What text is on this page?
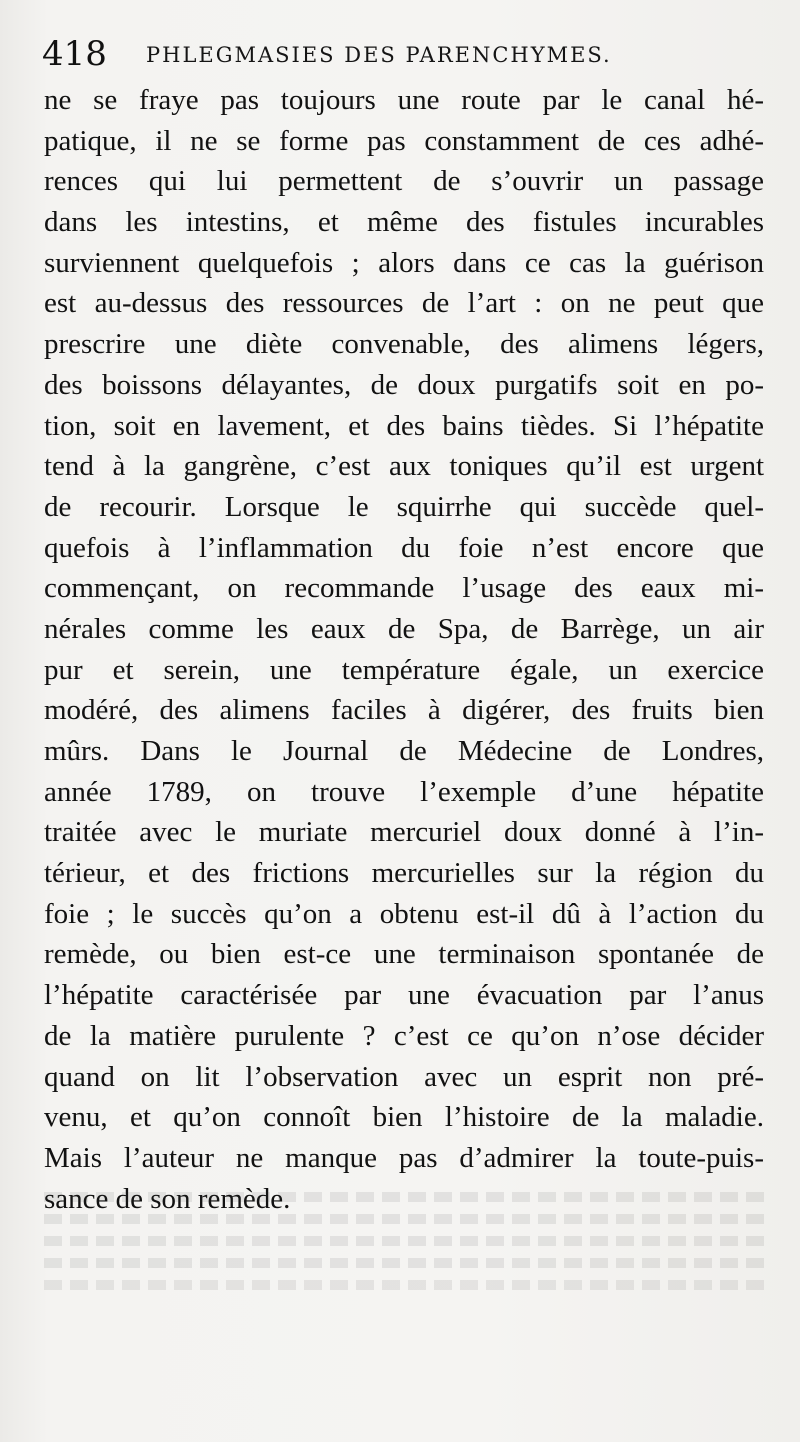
418 PHLEGMASIES DES PARENCHYMES.
ne se fraye pas toujours une route par le canal hé-
patique, il ne se forme pas constamment de ces adhé-
rences qui lui permettent de s’ouvrir un passage
dans les intestins, et même des fistules incurables
surviennent quelquefois ; alors dans ce cas la guérison
est au-dessus des ressources de l’art : on ne peut que
prescrire une diète convenable, des alimens légers,
des boissons délayantes, de doux purgatifs soit en po-
tion, soit en lavement, et des bains tièdes. Si l’hépatite
tend à la gangrène, c’est aux toniques qu’il est urgent
de recourir. Lorsque le squirrhe qui succède quel-
quefois à l’inflammation du foie n’est encore que
commençant, on recommande l’usage des eaux mi-
nérales comme les eaux de Spa, de Barrège, un air
pur et serein, une température égale, un exercice
modéré, des alimens faciles à digérer, des fruits bien
mûrs. Dans le Journal de Médecine de Londres,
année 1789, on trouve l’exemple d’une hépatite
traitée avec le muriate mercuriel doux donné à l’in-
térieur, et des frictions mercurielles sur la région du
foie ; le succès qu’on a obtenu est-il dû à l’action du
remède, ou bien est-ce une terminaison spontanée de
l’hépatite caractérisée par une évacuation par l’anus
de la matière purulente ? c’est ce qu’on n’ose décider
quand on lit l’observation avec un esprit non pré-
venu, et qu’on connoît bien l’histoire de la maladie.
Mais l’auteur ne manque pas d’admirer la toute-puis-
sance de son remède.
